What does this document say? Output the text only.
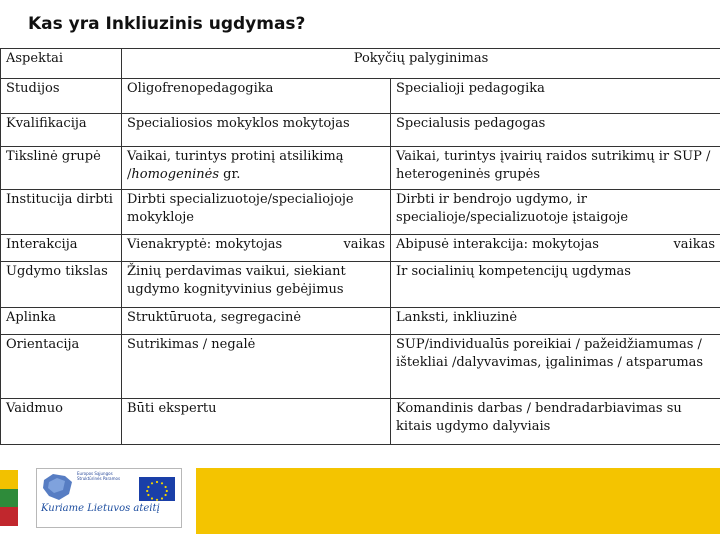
Kas yra Inkliuzinis ugdymas?
Aspektai	Pokyčių palyginimas	
Studijos	Oligofrenopedagogika	Specialioji pedagogika
Kvalifikacija	Specialiosios mokyklos mokytojas	Specialusis pedagogas
Tikslinė grupė	Vaikai, turintys protinį atsilikimą /homogeninės gr.	Vaikai, turintys įvairių raidos sutrikimų ir SUP / heterogeninės grupės
Institucija dirbti	Dirbti specializuotoje/specialiojoje mokykloje	Dirbti ir bendrojo ugdymo, ir specialioje/specializuotoje įstaigoje
Interakcija	Vienakryptė: mokytojas vaikas	Abipusė interakcija: mokytojas vaikas

Ugdymo tikslas	Žinių perdavimas vaikui, siekiant ugdymo kognityvinius gebėjimus	Ir socialinių kompetencijų ugdymas
Aplinka	Struktūruota, segregacinė	Lanksti, inkliuzinė
Orientacija	Sutrikimas / negalė	SUP/individualūs poreikiai / pažeidžiamumas / ištekliai /dalyvavimas, įgalinimas / atsparumas
Vaidmuo	Būti ekspertu	Komandinis darbas / bendradarbiavimas su kitais ugdymo dalyviais
Europos Sąjungos Struktūrinės Paramos
Kuriame Lietuvos ateitį
